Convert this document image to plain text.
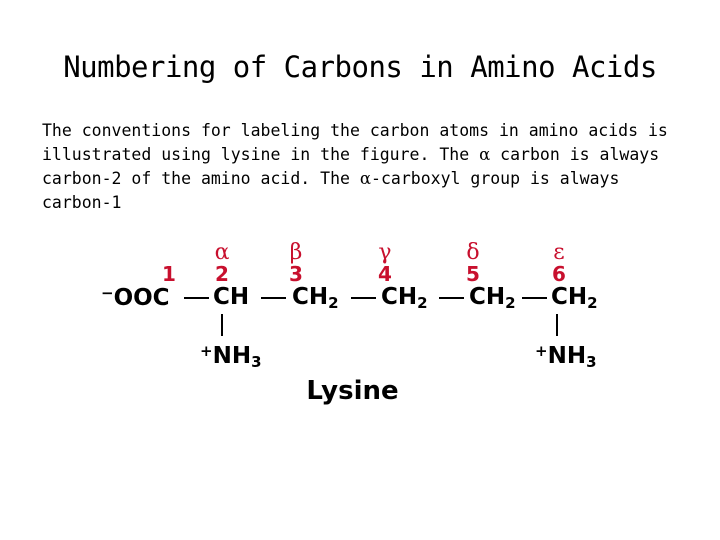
Numbering of Carbons in Amino Acids
The conventions for labeling the carbon atoms in amino acids is
illustrated using lysine in the figure. The α carbon is always
carbon-2 of the amino acid. The α-carboxyl group is always
carbon-1
α	β	γ	δ	ε
1	2	3	4	5	6
−OOC CH $CH_2$ $CH_2$ $CH_2$ $CH_2$
$^+NH_3$
$^+NH_3$
Lysine
